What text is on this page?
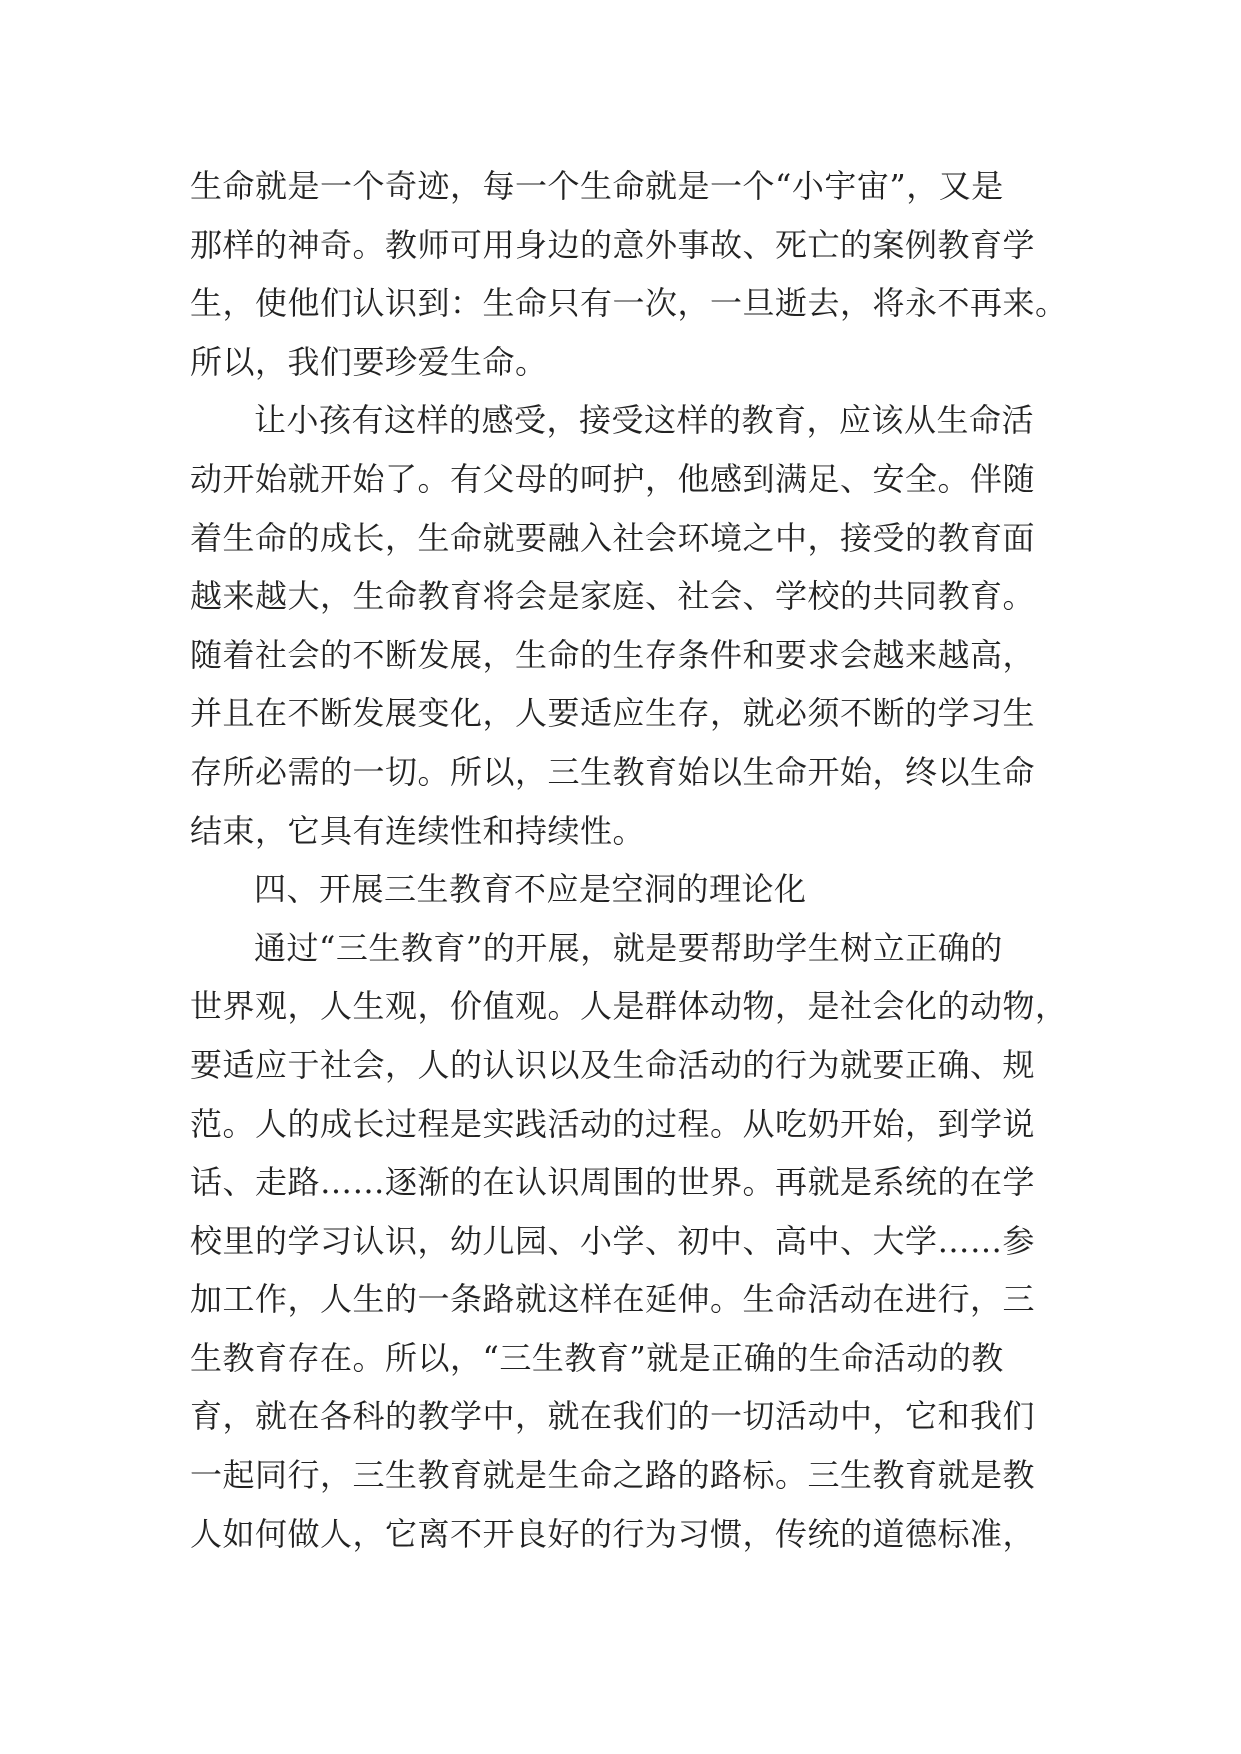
生命就是一个奇迹，每一个生命就是一个“小宇宙”，又是
那样的神奇。教师可用身边的意外事故、死亡的案例教育学
生，使他们认识到：生命只有一次，一旦逝去，将永不再来。
所以，我们要珍爱生命。
让小孩有这样的感受，接受这样的教育，应该从生命活
动开始就开始了。有父母的呵护，他感到满足、安全。伴随
着生命的成长，生命就要融入社会环境之中，接受的教育面
越来越大，生命教育将会是家庭、社会、学校的共同教育。
随着社会的不断发展，生命的生存条件和要求会越来越高，
并且在不断发展变化，人要适应生存，就必须不断的学习生
存所必需的一切。所以，三生教育始以生命开始，终以生命
结束，它具有连续性和持续性。
四、开展三生教育不应是空洞的理论化
通过“三生教育”的开展，就是要帮助学生树立正确的
世界观，人生观，价值观。人是群体动物，是社会化的动物，
要适应于社会，人的认识以及生命活动的行为就要正确、规
范。人的成长过程是实践活动的过程。从吃奶开始，到学说
话、走路……逐渐的在认识周围的世界。再就是系统的在学
校里的学习认识，幼儿园、小学、初中、高中、大学……参
加工作，人生的一条路就这样在延伸。生命活动在进行，三
生教育存在。所以，“三生教育”就是正确的生命活动的教
育，就在各科的教学中，就在我们的一切活动中，它和我们
一起同行，三生教育就是生命之路的路标。三生教育就是教
人如何做人，它离不开良好的行为习惯，传统的道德标准，
